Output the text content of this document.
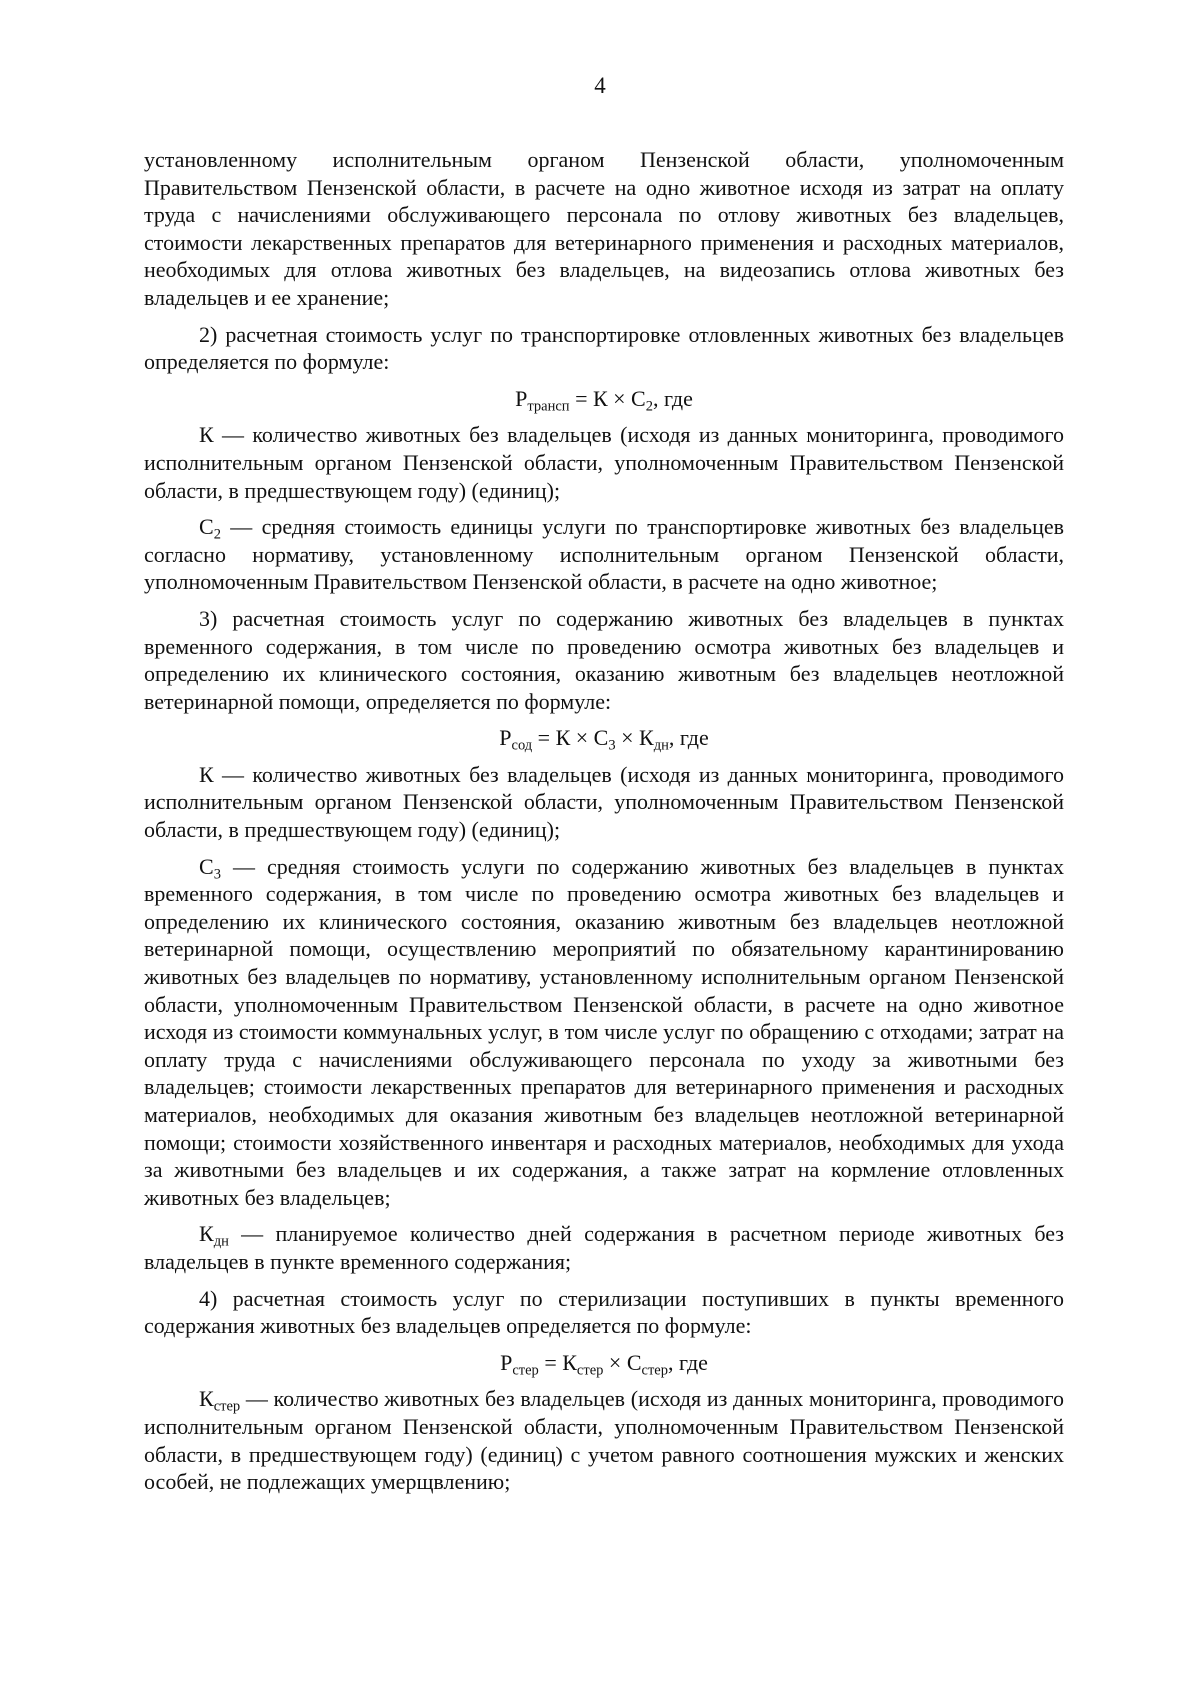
4

установленному исполнительным органом Пензенской области, уполномоченным Правительством Пензенской области, в расчете на одно животное исходя из затрат на оплату труда с начислениями обслуживающего персонала по отлову животных без владельцев, стоимости лекарственных препаратов для ветеринарного применения и расходных материалов, необходимых для отлова животных без владельцев, на видеозапись отлова животных без владельцев и ее хранение;

2) расчетная стоимость услуг по транспортировке отловленных животных без владельцев определяется по формуле:

$P_{трансп} = К \times С_2$, где

К — количество животных без владельцев (исходя из данных мониторинга, проводимого исполнительным органом Пензенской области, уполномоченным Правительством Пензенской области, в предшествующем году) (единиц);

$С_2$ — средняя стоимость единицы услуги по транспортировке животных без владельцев согласно нормативу, установленному исполнительным органом Пензенской области, уполномоченным Правительством Пензенской области, в расчете на одно животное;

3) расчетная стоимость услуг по содержанию животных без владельцев в пунктах временного содержания, в том числе по проведению осмотра животных без владельцев и определению их клинического состояния, оказанию животным без владельцев неотложной ветеринарной помощи, определяется по формуле:

$P_{сод} = К \times С_3 \times К_{дн}$, где

К — количество животных без владельцев (исходя из данных мониторинга, проводимого исполнительным органом Пензенской области, уполномоченным Правительством Пензенской области, в предшествующем году) (единиц);

$С_3$ — средняя стоимость услуги по содержанию животных без владельцев в пунктах временного содержания, в том числе по проведению осмотра животных без владельцев и определению их клинического состояния, оказанию животным без владельцев неотложной ветеринарной помощи, осуществлению мероприятий по обязательному карантинированию животных без владельцев по нормативу, установленному исполнительным органом Пензенской области, уполномоченным Правительством Пензенской области, в расчете на одно животное исходя из стоимости коммунальных услуг, в том числе услуг по обращению с отходами; затрат на оплату труда с начислениями обслуживающего персонала по уходу за животными без владельцев; стоимости лекарственных препаратов для ветеринарного применения и расходных материалов, необходимых для оказания животным без владельцев неотложной ветеринарной помощи; стоимости хозяйственного инвентаря и расходных материалов, необходимых для ухода за животными без владельцев и их содержания, а также затрат на кормление отловленных животных без владельцев;

$К_{дн}$ — планируемое количество дней содержания в расчетном периоде животных без владельцев в пункте временного содержания;

4) расчетная стоимость услуг по стерилизации поступивших в пункты временного содержания животных без владельцев определяется по формуле:

$P_{стер} = К_{стер} \times С_{стер}$, где

$К_{стер}$ — количество животных без владельцев (исходя из данных мониторинга, проводимого исполнительным органом Пензенской области, уполномоченным Правительством Пензенской области, в предшествующем году) (единиц) с учетом равного соотношения мужских и женских особей, не подлежащих умерщвлению;
